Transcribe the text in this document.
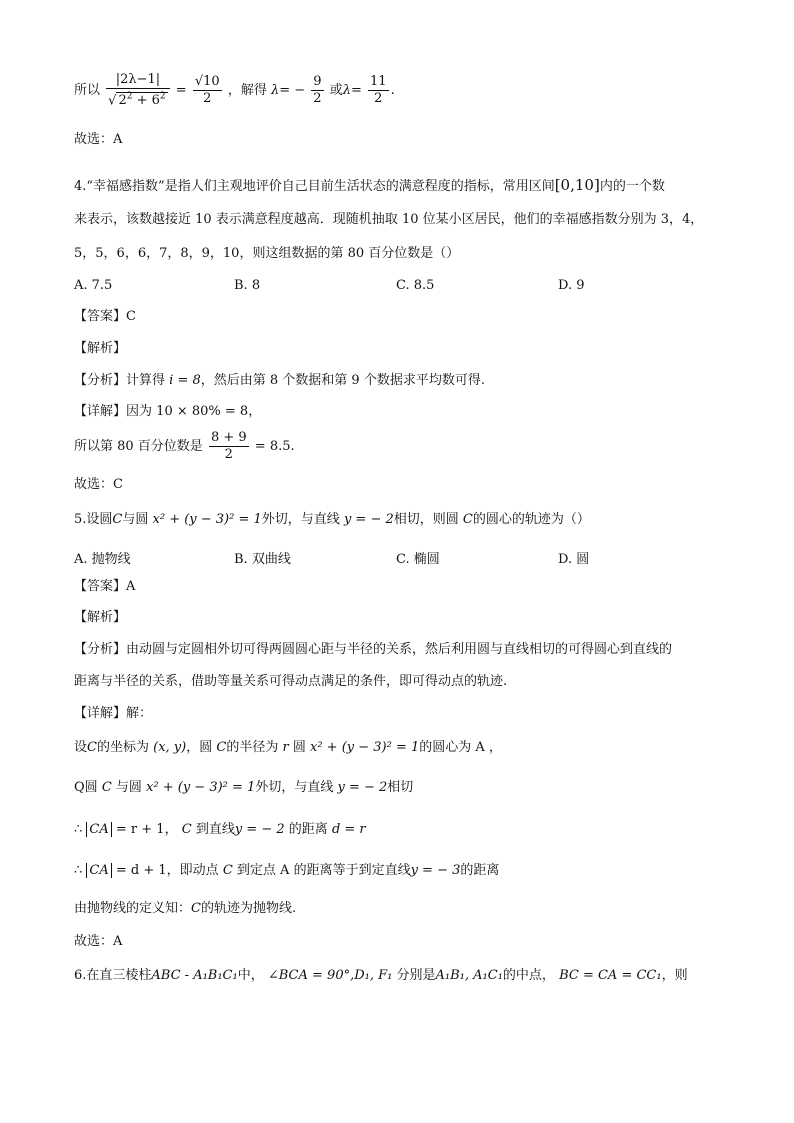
所以 $\frac{|2\lambda-1|}{√ 2^2 + 6^2} = \frac{√10}{2}$ ，解得 $\lambda= - \frac{9}{2}$ 或$\lambda= \frac{11}{2}$ .
故选：A
4.“幸福感指数”是指人们主观地评价自己目前生活状态的满意程度的指标，常用区间[0,10]内的一个数
来表示，该数越接近 10 表示满意程度越高．现随机抽取 10 位某小区居民，他们的幸福感指数分别为 3，4，
5，5，6，6，7，8，9，10，则这组数据的第 80 百分位数是（）
A. 7.5	B. 8	C. 8.5	D. 9
【答案】C
【解析】
【分析】计算得 i = 8，然后由第 8 个数据和第 9 个数据求平均数可得.
【详解】因为 10 × 80% = 8，
所以第 80 百分位数是 $\frac{8 + 9}{2} = 8.5$.
故选：C
5.设圆C与圆 x² + (y − 3)² = 1外切，与直线 y = − 2相切，则圆 C的圆心的轨迹为（）
A. 抛物线	B. 双曲线	C. 椭圆	D. 圆
【答案】A
【解析】
【分析】由动圆与定圆相外切可得两圆圆心距与半径的关系，然后利用圆与直线相切的可得圆心到直线的
距离与半径的关系，借助等量关系可得动点满足的条件，即可得动点的轨迹.
【详解】解：
设C的坐标为 (x, y)，圆 C的半径为 r 圆 x² + (y − 3)² = 1的圆心为 A ，
Q圆 C 与圆 x² + (y − 3)² = 1外切，与直线 y = − 2相切
∴ CA = r + 1， C 到直线y = − 2 的距离 d = r
∴ CA = d + 1，即动点 C 到定点 A 的距离等于到定直线y = − 3的距离
由抛物线的定义知：C的轨迹为抛物线.
故选：A
6.在直三棱柱ABC - A₁B₁C₁中， ∠BCA = 90°,D₁, F₁ 分别是A₁B₁, A₁C₁的中点， BC = CA = CC₁，则
